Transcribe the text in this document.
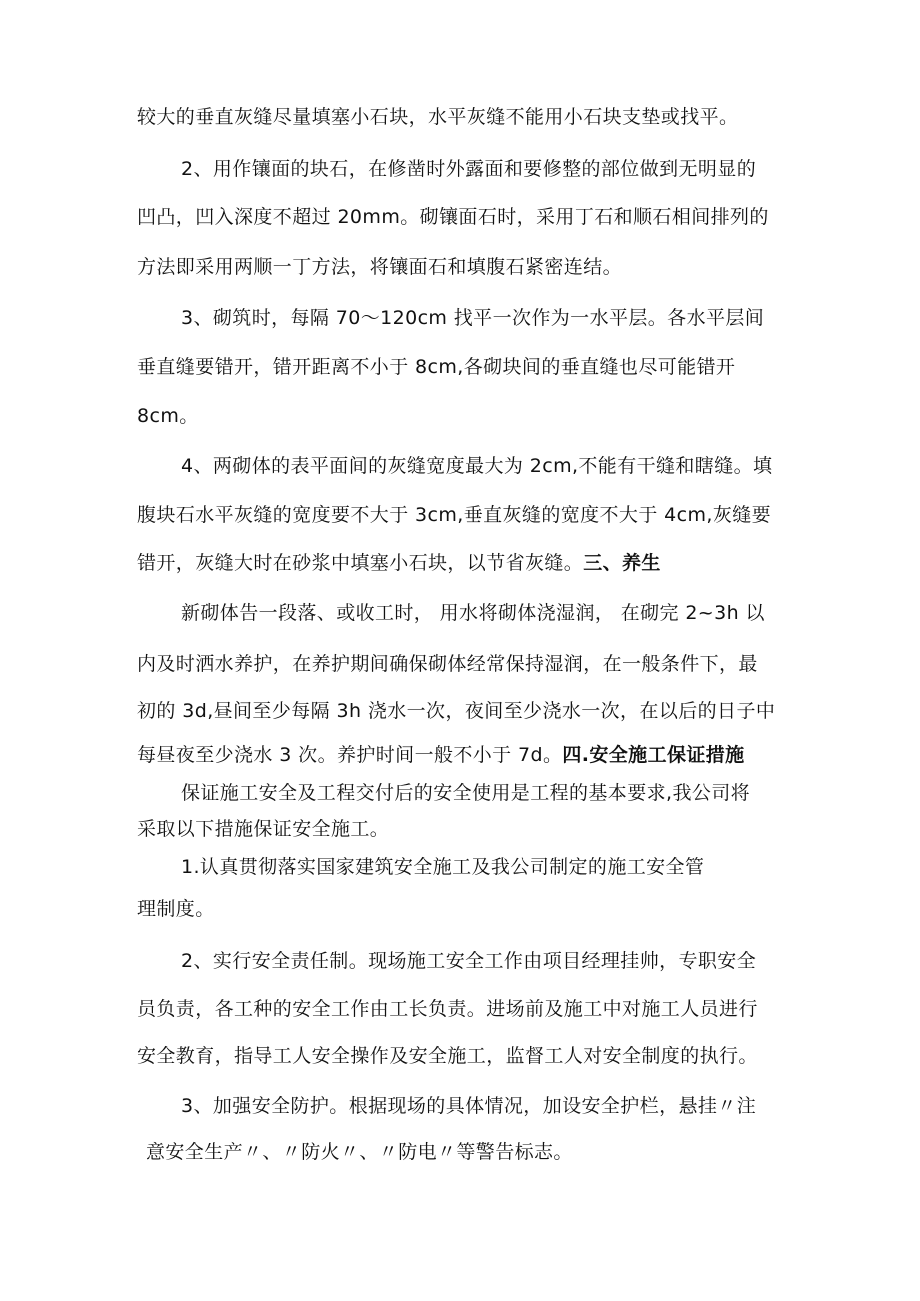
较大的垂直灰缝尽量填塞小石块，水平灰缝不能用小石块支垫或找平。
2、用作镶面的块石，在修凿时外露面和要修整的部位做到无明显的
凹凸，凹入深度不超过 20mm。砌镶面石时，采用丁石和顺石相间排列的
方法即采用两顺一丁方法，将镶面石和填腹石紧密连结。
3、砌筑时，每隔 70～120cm 找平一次作为一水平层。各水平层间
垂直缝要错开，错开距离不小于 8cm,各砌块间的垂直缝也尽可能错开
8cm。
4、两砌体的表平面间的灰缝宽度最大为 2cm,不能有干缝和瞎缝。填
腹块石水平灰缝的宽度要不大于 3cm,垂直灰缝的宽度不大于 4cm,灰缝要
错开，灰缝大时在砂浆中填塞小石块，以节省灰缝。三、养生
新砌体告一段落、或收工时， 用水将砌体浇湿润， 在砌完 2~3h 以
内及时洒水养护，在养护期间确保砌体经常保持湿润，在一般条件下，最
初的 3d,昼间至少每隔 3h 浇水一次，夜间至少浇水一次，在以后的日子中
每昼夜至少浇水 3 次。养护时间一般不小于 7d。四.安全施工保证措施
保证施工安全及工程交付后的安全使用是工程的基本要求,我公司将
采取以下措施保证安全施工。
1.认真贯彻落实国家建筑安全施工及我公司制定的施工安全管
理制度。
2、实行安全责任制。现场施工安全工作由项目经理挂帅，专职安全
员负责，各工种的安全工作由工长负责。进场前及施工中对施工人员进行
安全教育，指导工人安全操作及安全施工，监督工人对安全制度的执行。
3、加强安全防护。根据现场的具体情况，加设安全护栏，悬挂〃注
意安全生产〃、〃防火〃、〃防电〃等警告标志。
